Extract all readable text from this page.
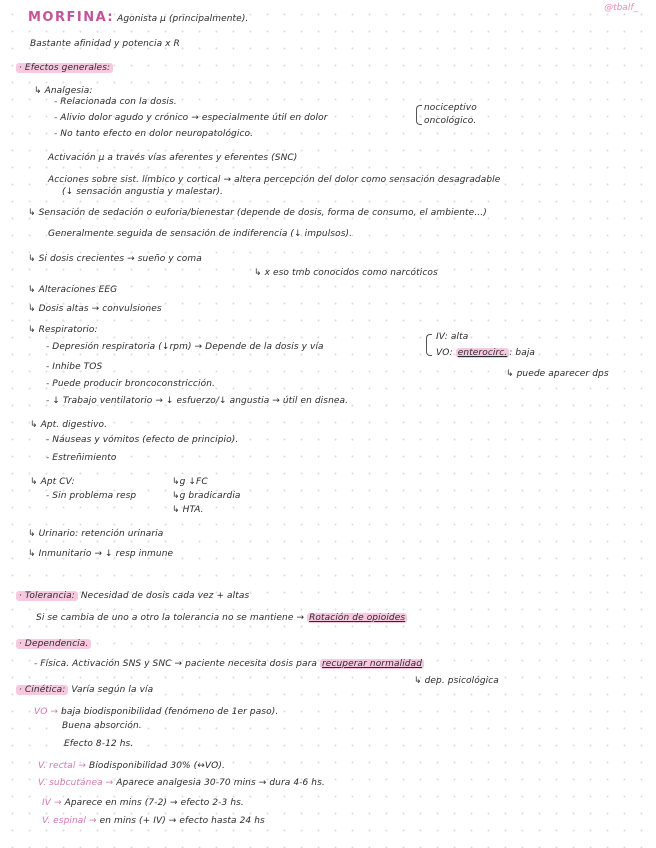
@tbalf_
MORFINA: Agonista μ (principalmente).
Bastante afinidad y potencia x R
· Efectos generales:
↳ Analgesia:
- Relacionada con la dosis.
- Alivio dolor agudo y crónico → especialmente útil en dolor
nociceptivo
oncológico.
- No tanto efecto en dolor neuropatológico.
Activación μ a través vías aferentes y eferentes (SNC)
Acciones sobre sist. límbico y cortical → altera percepción del dolor como sensación desagradable
(↓ sensación angustia y malestar).
↳ Sensación de sedación o euforia/bienestar (depende de dosis, forma de consumo, el ambiente...)
Generalmente seguida de sensación de indiferencia (↓ impulsos).
↳ Si dosis crecientes → sueño y coma
↳ x eso tmb conocidos como narcóticos
↳ Alteraciones EEG
↳ Dosis altas → convulsiones
↳ Respiratorio:
- Depresión respiratoria (↓rpm) → Depende de la dosis y vía
IV: alta
VO: enterocirc. : baja
↳ puede aparecer dps
- Inhibe TOS
- Puede producir broncoconstricción.
- ↓ Trabajo ventilatorio → ↓ esfuerzo/↓ angustia → útil en disnea.
↳ Apt. digestivo.
- Náuseas y vómitos (efecto de principio).
- Estreñimiento
↳ Apt CV:
- Sin problema resp
↳g ↓FC
↳g bradicardia
↳ HTA.
↳ Urinario: retención urinaria
↳ Inmunitario → ↓ resp inmune
· Tolerancia: Necesidad de dosis cada vez + altas
Si se cambia de uno a otro la tolerancia no se mantiene → Rotación de opioides
· Dependencia.
- Física. Activación SNS y SNC → paciente necesita dosis para recuperar normalidad
↳ dep. psicológica
· Cinética: Varía según la vía
VO → baja biodisponibilidad (fenómeno de 1er paso).
Buena absorción.
Efecto 8-12 hs.
V. rectal → Biodisponibilidad 30% (↔VO).
V. subcutánea → Aparece analgesia 30-70 mins → dura 4-6 hs.
IV → Aparece en mins (7-2) → efecto 2-3 hs.
V. espinal → en mins (+ IV) → efecto hasta 24 hs
